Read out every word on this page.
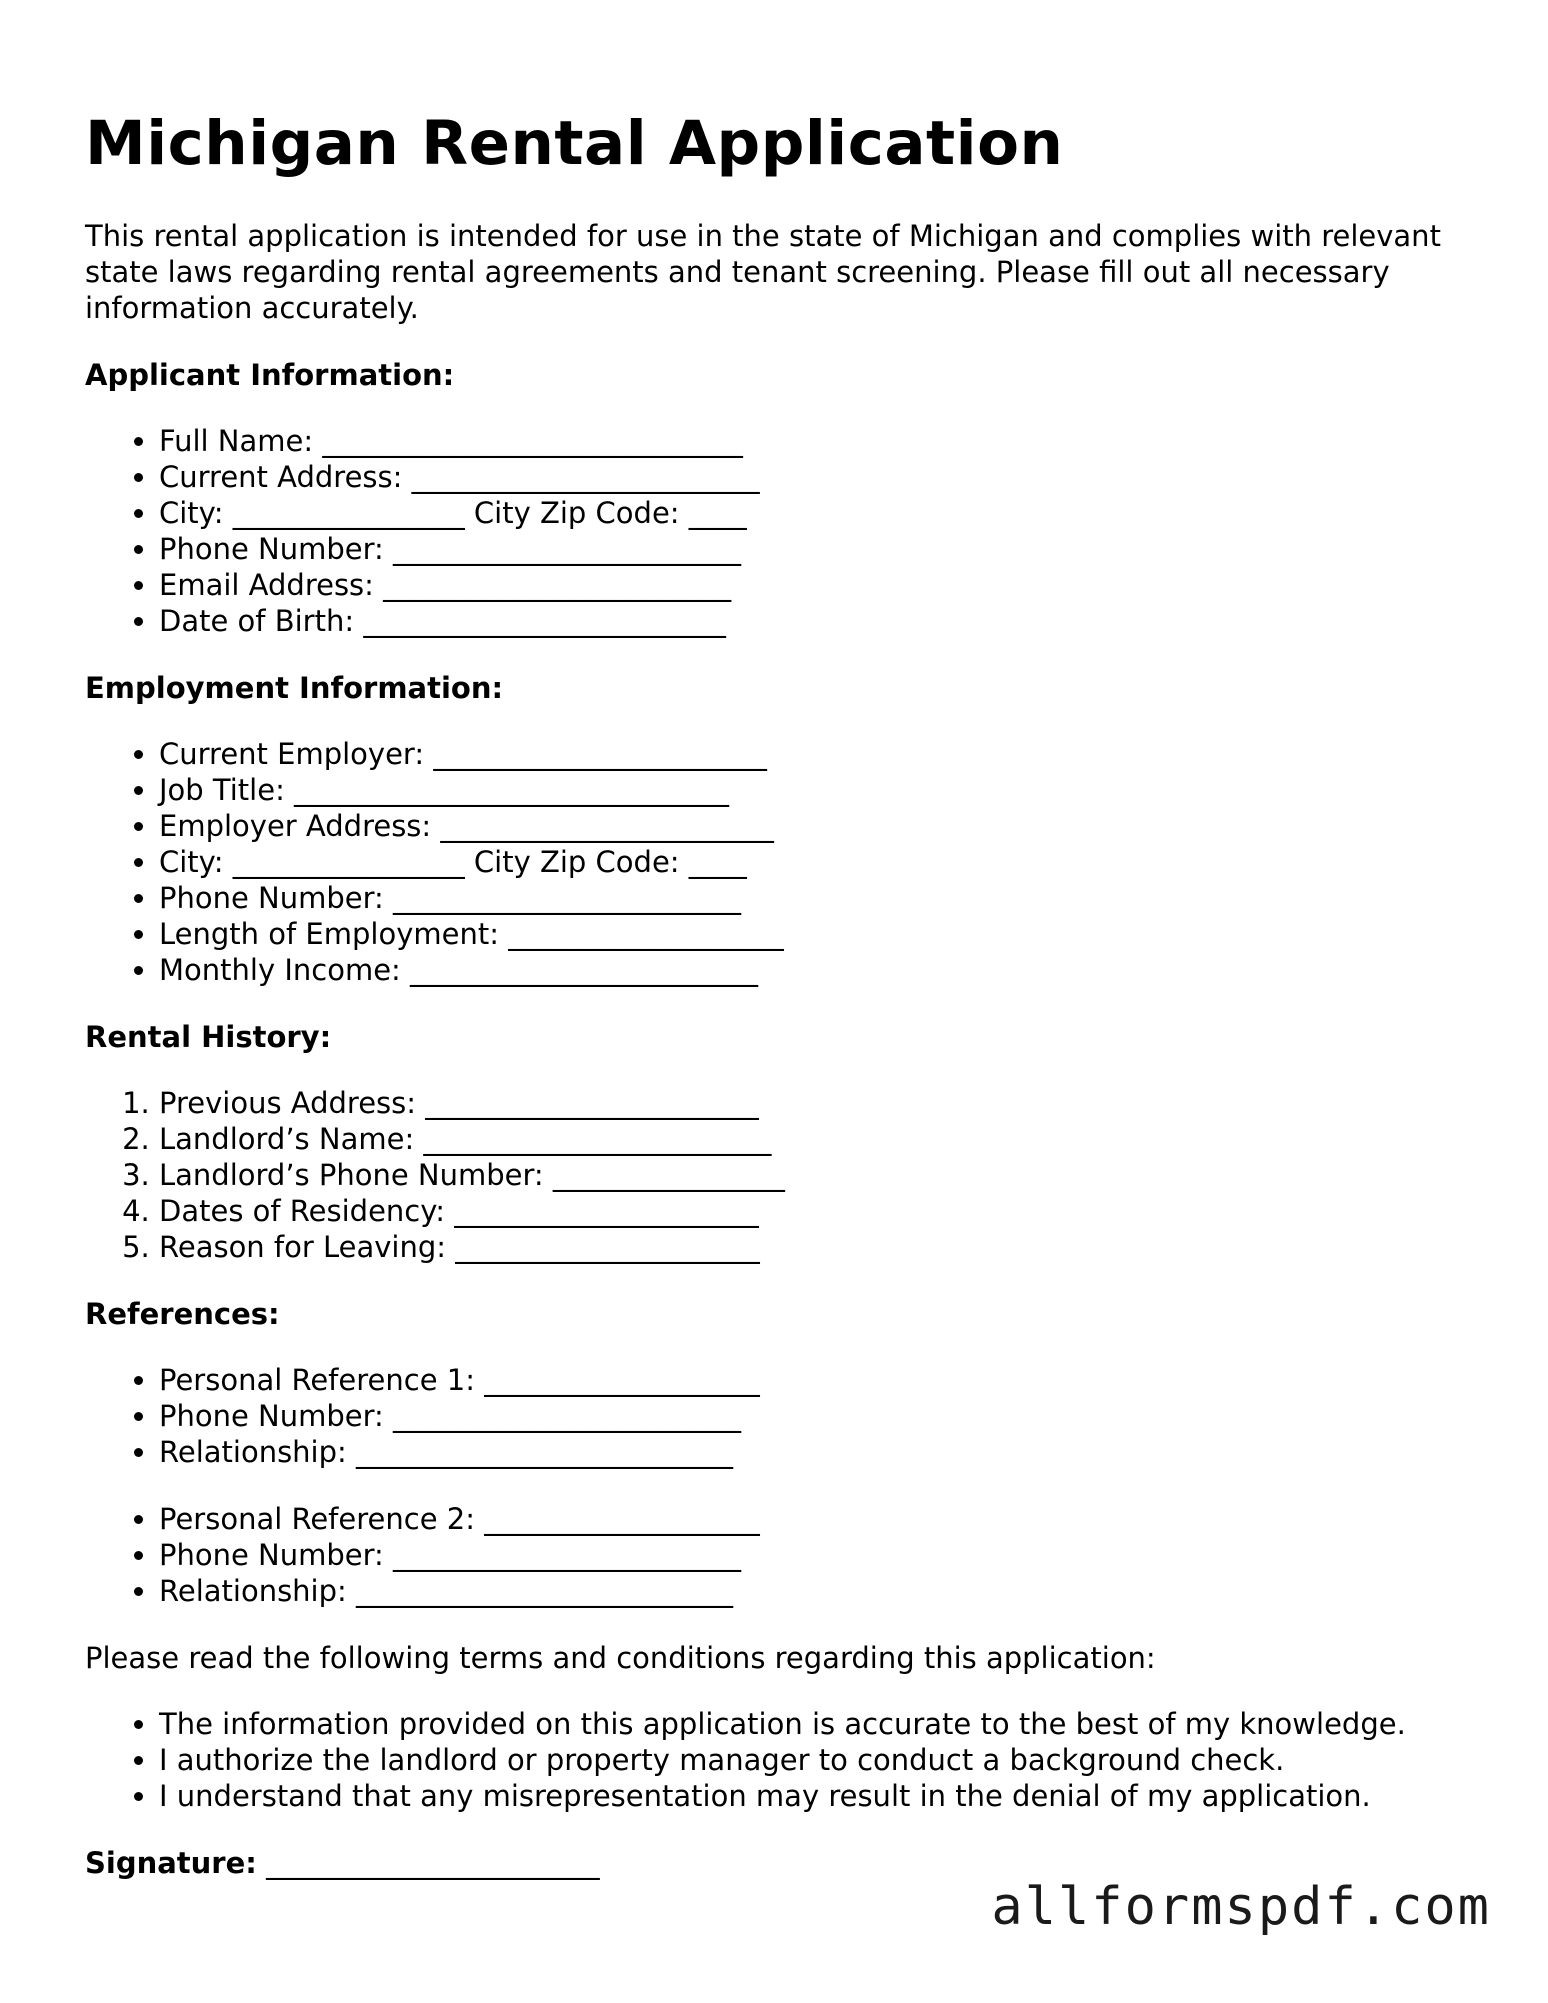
Michigan Rental Application

This rental application is intended for use in the state of Michigan and complies with relevant state laws regarding rental agreements and tenant screening. Please fill out all necessary information accurately.

Applicant Information:

• Full Name: _____________________________
• Current Address: ________________________
• City: ________________ City Zip Code: ____
• Phone Number: ________________________
• Email Address: ________________________
• Date of Birth: _________________________

Employment Information:

• Current Employer: _______________________
• Job Title: ______________________________
• Employer Address: _______________________
• City: ________________ City Zip Code: ____
• Phone Number: ________________________
• Length of Employment: ___________________
• Monthly Income: ________________________

Rental History:

1. Previous Address: _______________________
2. Landlord’s Name: ________________________
3. Landlord’s Phone Number: ________________
4. Dates of Residency: _____________________
5. Reason for Leaving: _____________________

References:

• Personal Reference 1: ___________________
• Phone Number: ________________________
• Relationship: __________________________
• Personal Reference 2: ___________________
• Phone Number: ________________________
• Relationship: __________________________

Please read the following terms and conditions regarding this application:

• The information provided on this application is accurate to the best of my knowledge.
• I authorize the landlord or property manager to conduct a background check.
• I understand that any misrepresentation may result in the denial of my application.

Signature: _______________________

allformspdf.com
